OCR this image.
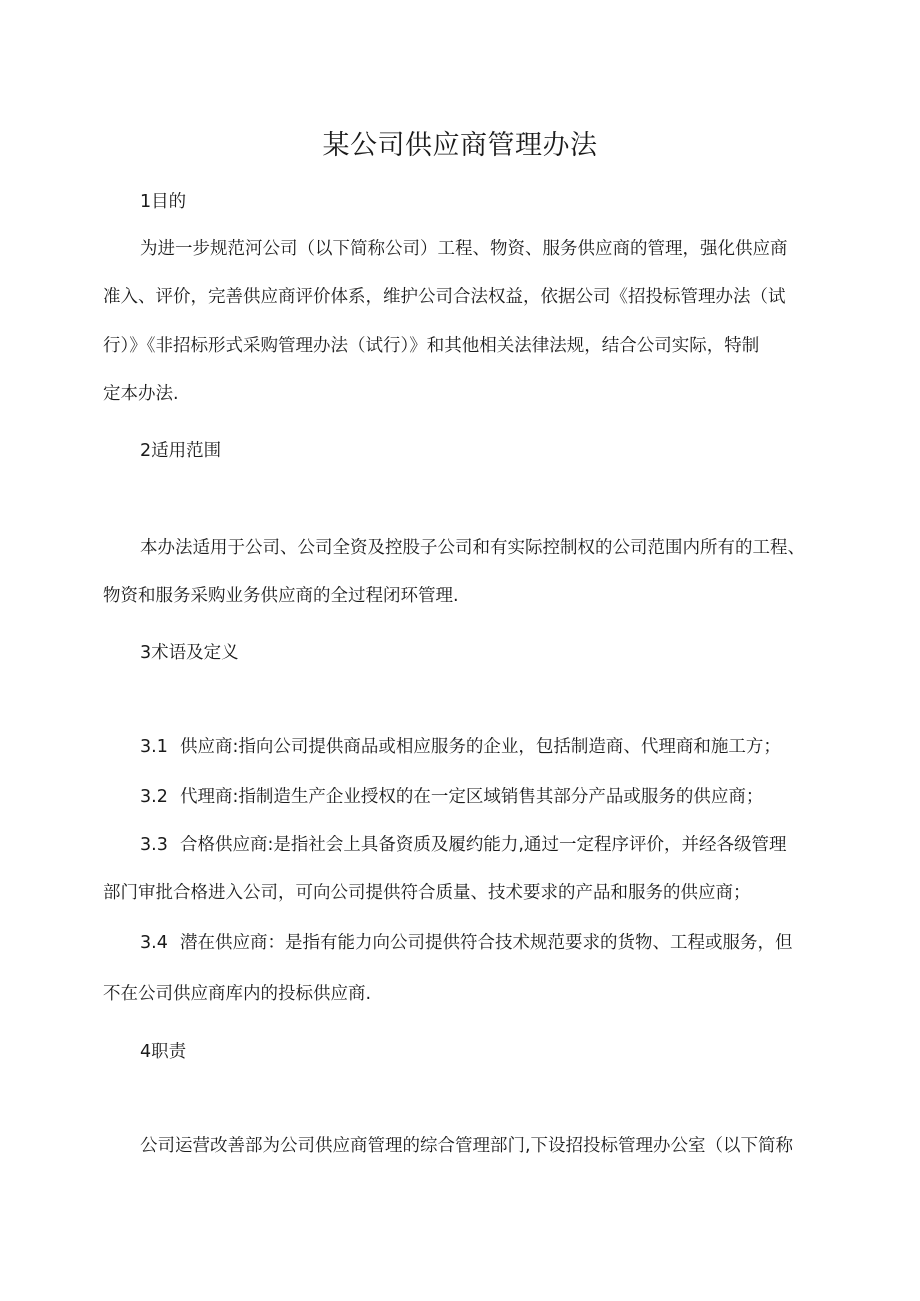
某公司供应商管理办法
1目的
为进一步规范河公司（以下简称公司）工程、物资、服务供应商的管理，强化供应商
准入、评价，完善供应商评价体系，维护公司合法权益，依据公司《招投标管理办法（试
行）》《非招标形式采购管理办法（试行）》和其他相关法律法规，结合公司实际，特制
定本办法.
2适用范围
本办法适用于公司、公司全资及控股子公司和有实际控制权的公司范围内所有的工程、
物资和服务采购业务供应商的全过程闭环管理.
3术语及定义
3.1 供应商:指向公司提供商品或相应服务的企业，包括制造商、代理商和施工方；
3.2 代理商:指制造生产企业授权的在一定区域销售其部分产品或服务的供应商；
3.3 合格供应商:是指社会上具备资质及履约能力,通过一定程序评价，并经各级管理
部门审批合格进入公司，可向公司提供符合质量、技术要求的产品和服务的供应商；
3.4 潜在供应商：是指有能力向公司提供符合技术规范要求的货物、工程或服务，但
不在公司供应商库内的投标供应商.
4职责
公司运营改善部为公司供应商管理的综合管理部门,下设招投标管理办公室（以下简称
